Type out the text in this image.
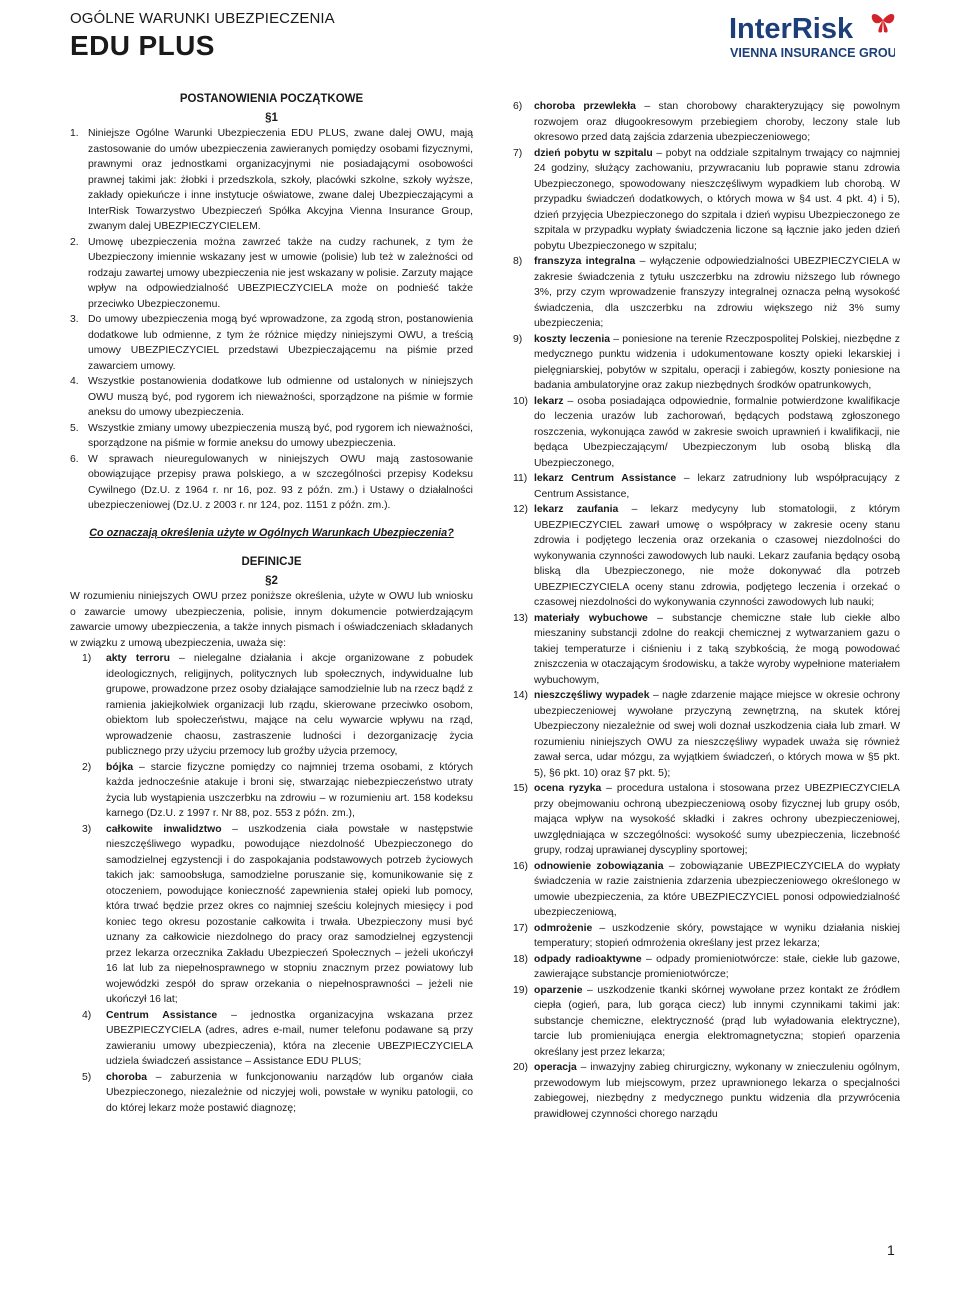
OGÓLNE WARUNKI UBEZPIECZENIA
EDU PLUS
InterRisk
VIENNA INSURANCE GROUP

POSTANOWIENIA POCZĄTKOWE

§1

1.Niniejsze Ogólne Warunki Ubezpieczenia EDU PLUS, zwane dalej OWU, mają zastosowanie do umów ubezpieczenia zawieranych pomiędzy osobami fizycznymi, prawnymi oraz jednostkami organizacyjnymi nie posiadającymi osobowości prawnej takimi jak: żłobki i przedszkola, szkoły, placówki szkolne, szkoły wyższe, zakłady opiekuńcze i inne instytucje oświatowe, zwane dalej Ubezpieczającymi a InterRisk Towarzystwo Ubezpieczeń Spółka Akcyjna Vienna Insurance Group, zwanym dalej UBEZPIECZYCIELEM.

2.Umowę ubezpieczenia można zawrzeć także na cudzy rachunek, z tym że Ubezpieczony imiennie wskazany jest w umowie (polisie) lub też w zależności od rodzaju zawartej umowy ubezpieczenia nie jest wskazany w polisie. Zarzuty mające wpływ na odpowiedzialność UBEZPIECZYCIELA może on podnieść także przeciwko Ubezpieczonemu.

3.Do umowy ubezpieczenia mogą być wprowadzone, za zgodą stron, postanowienia dodatkowe lub odmienne, z tym że różnice między niniejszymi OWU, a treścią umowy UBEZPIECZYCIEL przedstawi Ubezpieczającemu na piśmie przed zawarciem umowy.

4.Wszystkie postanowienia dodatkowe lub odmienne od ustalonych w niniejszych OWU muszą być, pod rygorem ich nieważności, sporządzone na piśmie w formie aneksu do umowy ubezpieczenia.

5.Wszystkie zmiany umowy ubezpieczenia muszą być, pod rygorem ich nieważności, sporządzone na piśmie w formie aneksu do umowy ubezpieczenia.

6.W sprawach nieuregulowanych w niniejszych OWU mają zastosowanie obowiązujące przepisy prawa polskiego, a w szczególności przepisy Kodeksu Cywilnego (Dz.U. z 1964 r. nr 16, poz. 93 z późn. zm.) i Ustawy o działalności ubezpieczeniowej (Dz.U. z 2003 r. nr 124, poz. 1151 z późn. zm.).

Co oznaczają określenia użyte w Ogólnych Warunkach Ubezpieczenia?

DEFINICJE

§2

W rozumieniu niniejszych OWU przez poniższe określenia, użyte w OWU lub wniosku o zawarcie umowy ubezpieczenia, polisie, innym dokumencie potwierdzającym zawarcie umowy ubezpieczenia, a także innych pismach i oświadczeniach składanych w związku z umową ubezpieczenia, uważa się:

1) akty terroru – nielegalne działania i akcje organizowane z pobudek ideologicznych, religijnych, politycznych lub społecznych, indywidualne lub grupowe, prowadzone przez osoby działające samodzielnie lub na rzecz bądź z ramienia jakiejkolwiek organizacji lub rządu, skierowane przeciwko osobom, obiektom lub społeczeństwu, mające na celu wywarcie wpływu na rząd, wprowadzenie chaosu, zastraszenie ludności i dezorganizację życia publicznego przy użyciu przemocy lub groźby użycia przemocy,

2) bójka – starcie fizyczne pomiędzy co najmniej trzema osobami, z których każda jednocześnie atakuje i broni się, stwarzając niebezpieczeństwo utraty życia lub wystąpienia uszczerbku na zdrowiu – w rozumieniu art. 158 kodeksu karnego (Dz.U. z 1997 r. Nr 88, poz. 553 z późn. zm.),

3) całkowite inwalidztwo – uszkodzenia ciała powstałe w następstwie nieszczęśliwego wypadku, powodujące niezdolność Ubezpieczonego do samodzielnej egzystencji i do zaspokajania podstawowych potrzeb życiowych takich jak: samoobsługa, samodzielne poruszanie się, komunikowanie się z otoczeniem, powodujące konieczność zapewnienia stałej opieki lub pomocy, która trwać będzie przez okres co najmniej sześciu kolejnych miesięcy i pod koniec tego okresu pozostanie całkowita i trwała. Ubezpieczony musi być uznany za całkowicie niezdolnego do pracy oraz samodzielnej egzystencji przez lekarza orzecznika Zakładu Ubezpieczeń Społecznych – jeżeli ukończył 16 lat lub za niepełnosprawnego w stopniu znacznym przez powiatowy lub wojewódzki zespół do spraw orzekania o niepełnosprawności – jeżeli nie ukończył 16 lat;

4) Centrum Assistance – jednostka organizacyjna wskazana przez UBEZPIECZYCIELA (adres, adres e-mail, numer telefonu podawane są przy zawieraniu umowy ubezpieczenia), która na zlecenie UBEZPIECZYCIELA udziela świadczeń assistance – Assistance EDU PLUS;

5) choroba – zaburzenia w funkcjonowaniu narządów lub organów ciała Ubezpieczonego, niezależnie od niczyjej woli, powstałe w wyniku patologii, co do której lekarz może postawić diagnozę;

6) choroba przewlekła – stan chorobowy charakteryzujący się powolnym rozwojem oraz długookresowym przebiegiem choroby, leczony stale lub okresowo przed datą zajścia zdarzenia ubezpieczeniowego;

7) dzień pobytu w szpitalu – pobyt na oddziale szpitalnym trwający co najmniej 24 godziny, służący zachowaniu, przywracaniu lub poprawie stanu zdrowia Ubezpieczonego, spowodowany nieszczęśliwym wypadkiem lub chorobą. W przypadku świadczeń dodatkowych, o których mowa w §4 ust. 4 pkt. 4) i 5), dzień przyjęcia Ubezpieczonego do szpitala i dzień wypisu Ubezpieczonego ze szpitala w przypadku wypłaty świadczenia liczone są łącznie jako jeden dzień pobytu Ubezpieczonego w szpitalu;

8) franszyza integralna – wyłączenie odpowiedzialności UBEZPIECZYCIELA w zakresie świadczenia z tytułu uszczerbku na zdrowiu niższego lub równego 3%, przy czym wprowadzenie franszyzy integralnej oznacza pełną wysokość świadczenia, dla uszczerbku na zdrowiu większego niż 3% sumy ubezpieczenia;

9) koszty leczenia – poniesione na terenie Rzeczpospolitej Polskiej, niezbędne z medycznego punktu widzenia i udokumentowane koszty opieki lekarskiej i pielęgniarskiej, pobytów w szpitalu, operacji i zabiegów, koszty poniesione na badania ambulatoryjne oraz zakup niezbędnych środków opatrunkowych,

10) lekarz – osoba posiadająca odpowiednie, formalnie potwierdzone kwalifikacje do leczenia urazów lub zachorowań, będących podstawą zgłoszonego roszczenia, wykonująca zawód w zakresie swoich uprawnień i kwalifikacji, nie będąca Ubezpieczającym/ Ubezpieczonym lub osobą bliską dla Ubezpieczonego,

11) lekarz Centrum Assistance – lekarz zatrudniony lub współpracujący z Centrum Assistance,

12) lekarz zaufania – lekarz medycyny lub stomatologii, z którym UBEZPIECZYCIEL zawarł umowę o współpracy w zakresie oceny stanu zdrowia i podjętego leczenia oraz orzekania o czasowej niezdolności do wykonywania czynności zawodowych lub nauki. Lekarz zaufania będący osobą bliską dla Ubezpieczonego, nie może dokonywać dla potrzeb UBEZPIECZYCIELA oceny stanu zdrowia, podjętego leczenia i orzekać o czasowej niezdolności do wykonywania czynności zawodowych lub nauki;

13) materiały wybuchowe – substancje chemiczne stałe lub ciekłe albo mieszaniny substancji zdolne do reakcji chemicznej z wytwarzaniem gazu o takiej temperaturze i ciśnieniu i z taką szybkością, że mogą powodować zniszczenia w otaczającym środowisku, a także wyroby wypełnione materiałem wybuchowym,

14) nieszczęśliwy wypadek – nagłe zdarzenie mające miejsce w okresie ochrony ubezpieczeniowej wywołane przyczyną zewnętrzną, na skutek której Ubezpieczony niezależnie od swej woli doznał uszkodzenia ciała lub zmarł. W rozumieniu niniejszych OWU za nieszczęśliwy wypadek uważa się również zawał serca, udar mózgu, za wyjątkiem świadczeń, o których mowa w §5 pkt. 5), §6 pkt. 10) oraz §7 pkt. 5);

15) ocena ryzyka – procedura ustalona i stosowana przez UBEZPIECZYCIELA przy obejmowaniu ochroną ubezpieczeniową osoby fizycznej lub grupy osób, mająca wpływ na wysokość składki i zakres ochrony ubezpieczeniowej, uwzględniająca w szczególności: wysokość sumy ubezpieczenia, liczebność grupy, rodzaj uprawianej dyscypliny sportowej;

16) odnowienie zobowiązania – zobowiązanie UBEZPIECZYCIELA do wypłaty świadczenia w razie zaistnienia zdarzenia ubezpieczeniowego określonego w umowie ubezpieczenia, za które UBEZPIECZYCIEL ponosi odpowiedzialność ubezpieczeniową,

17) odmrożenie – uszkodzenie skóry, powstające w wyniku działania niskiej temperatury; stopień odmrożenia określany jest przez lekarza;

18) odpady radioaktywne – odpady promieniotwórcze: stałe, ciekłe lub gazowe, zawierające substancje promieniotwórcze;

19) oparzenie – uszkodzenie tkanki skórnej wywołane przez kontakt ze źródłem ciepła (ogień, para, lub gorąca ciecz) lub innymi czynnikami takimi jak: substancje chemiczne, elektryczność (prąd lub wyładowania elektryczne), tarcie lub promieniująca energia elektromagnetyczna; stopień oparzenia określany jest przez lekarza;

20) operacja – inwazyjny zabieg chirurgiczny, wykonany w znieczuleniu ogólnym, przewodowym lub miejscowym, przez uprawnionego lekarza o specjalności zabiegowej, niezbędny z medycznego punktu widzenia dla przywrócenia prawidłowej czynności chorego narządu

1
